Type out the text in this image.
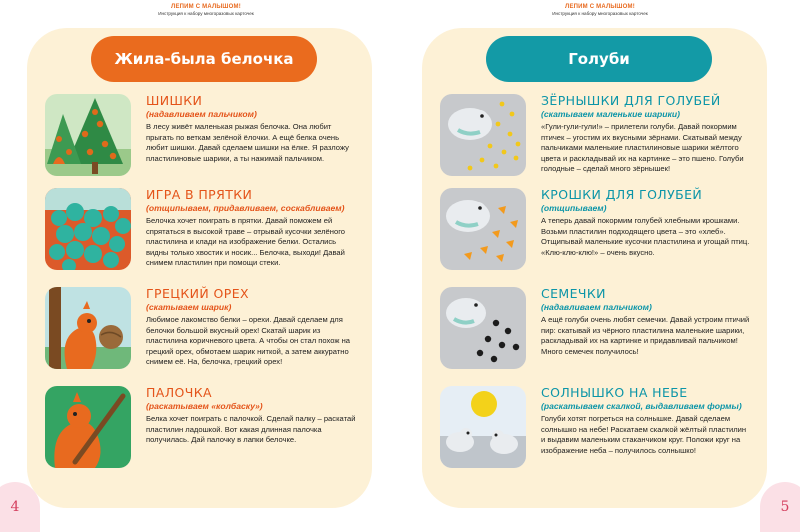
ЛЕПИМ С МАЛЫШОМ!
Инструкция к набору многоразовых карточек
ШИШКИ
(надавливаем пальчиком)
В лесу живёт маленькая рыжая белочка. Она любит прыгать по веткам зелёной ёлочки. А ещё белка очень любит шишки. Давай сделаем шишки на ёлке. Я разложу пластилиновые шарики, а ты нажимай пальчиком.
ИГРА В ПРЯТКИ
(отщипываем, придавливаем, соскабливаем)
Белочка хочет поиграть в прятки. Давай поможем ей спрятаться в высокой траве – отрывай кусочки зелёного пластилина и клади на изображение белки. Остались видны только хвостик и носик... Белочка, выходи! Давай снимем пластилин при помощи стеки.
ГРЕЦКИЙ ОРЕХ
(скатываем шарик)
Любимое лакомство белки – орехи. Давай сделаем для белочки большой вкусный орех! Скатай шарик из пластилина коричневого цвета. А чтобы он стал похож на грецкий орех, обмотаем шарик ниткой, а затем аккуратно снимем её. На, белочка, грецкий орех!
ПАЛОЧКА
(раскатываем «колбаску»)
Белка хочет поиграть с палочкой. Сделай палку – раскатай пластилин ладошкой. Вот какая длинная палочка получилась. Дай палочку в лапки белочке.
Жила-была белочка
4
ЛЕПИМ С МАЛЫШОМ!
Инструкция к набору многоразовых карточек
ЗЁРНЫШКИ ДЛЯ ГОЛУБЕЙ
(скатываем маленькие шарики)
«Гули-гули-гули!» – прилетели голуби. Давай покормим птичек – угостим их вкусными зёрнами. Скатывай между пальчиками маленькие пластилиновые шарики жёлтого цвета и раскладывай их на картинке – это пшено. Голуби голодные – сделай много зёрнышек!
КРОШКИ ДЛЯ ГОЛУБЕЙ
(отщипываем)
А теперь давай покормим голубей хлебными крошками. Возьми пластилин подходящего цвета – это «хлеб». Отщипывай маленькие кусочки пластилина и угощай птиц. «Клю-клю-клю!» – очень вкусно.
СЕМЕЧКИ
(надавливаем пальчиком)
А ещё голуби очень любят семечки. Давай устроим птичий пир: скатывай из чёрного пластилина маленькие шарики, раскладывай их на картинке и придавливай пальчиком! Много семечек получилось!
СОЛНЫШКО НА НЕБЕ
(раскатываем скалкой, выдавливаем формы)
Голуби хотят погреться на солнышке. Давай сделаем солнышко на небе! Раскатаем скалкой жёлтый пластилин и выдавим маленьким стаканчиком круг. Положи круг на изображение неба – получилось солнышко!
Голуби
5
